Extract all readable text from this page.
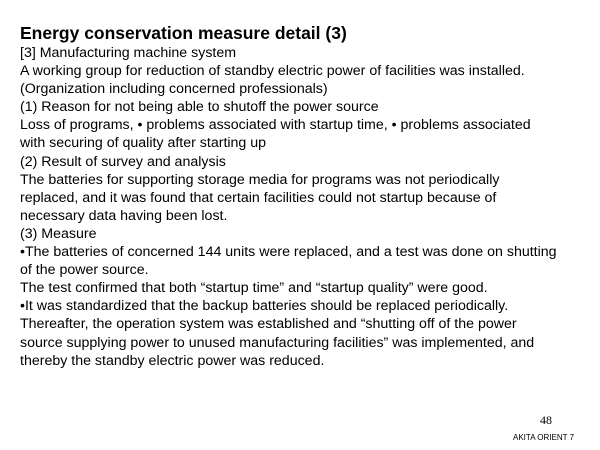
Energy conservation measure detail (3)
[3] Manufacturing machine system
A working group for reduction of standby electric power of facilities was installed.
(Organization including concerned professionals)
(1) Reason for not being able to shutoff the power source
Loss of programs, • problems associated with startup time, • problems associated
with securing of quality after starting up
(2) Result of survey and analysis
The batteries for supporting storage media for programs was not periodically
replaced, and it was found that certain facilities could not startup because of
necessary data having been lost.
(3) Measure
•The batteries of concerned 144 units were replaced, and a test was done on shutting
of the power source.
The test confirmed that both “startup time” and “startup quality” were good.
•It was standardized that the backup batteries should be replaced periodically.
Thereafter, the operation system was established and “shutting off of the power
source supplying power to unused manufacturing facilities” was implemented, and
thereby the standby electric power was reduced.
48
AKITA ORIENT 7
